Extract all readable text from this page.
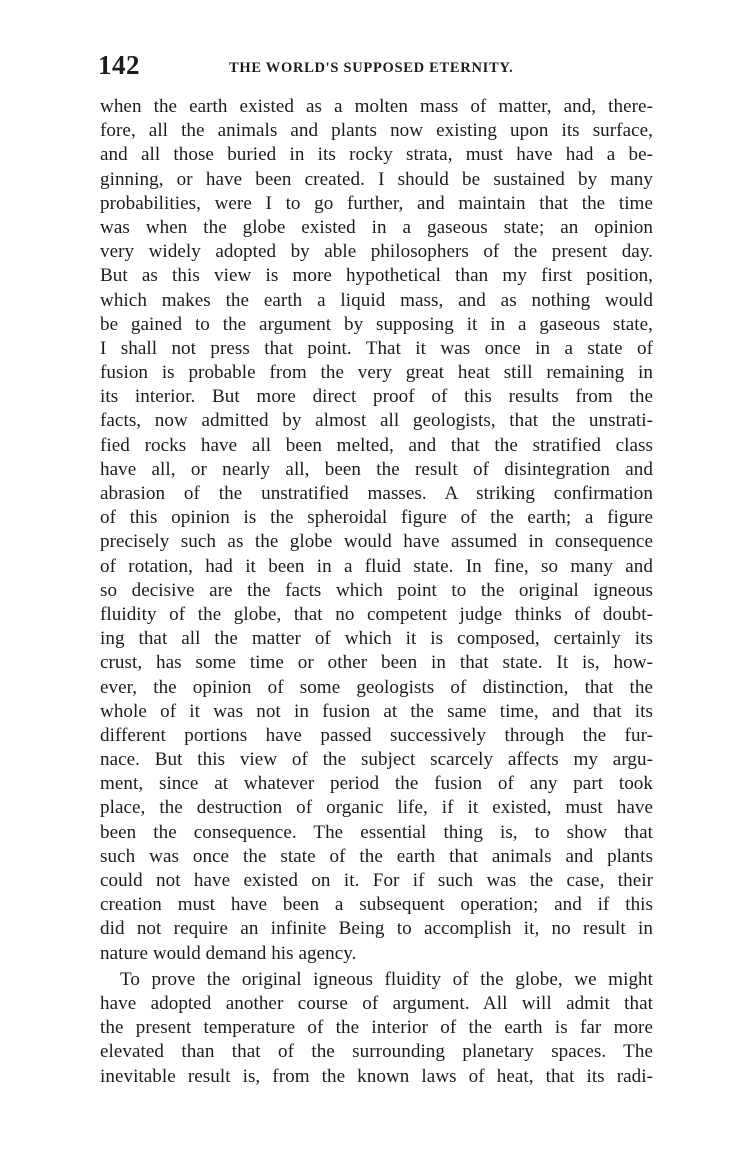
142	THE WORLD'S SUPPOSED ETERNITY.
when the earth existed as a molten mass of matter, and, there-
fore, all the animals and plants now existing upon its surface,
and all those buried in its rocky strata, must have had a be-
ginning, or have been created. I should be sustained by many
probabilities, were I to go further, and maintain that the time
was when the globe existed in a gaseous state; an opinion
very widely adopted by able philosophers of the present day.
But as this view is more hypothetical than my first position,
which makes the earth a liquid mass, and as nothing would
be gained to the argument by supposing it in a gaseous state,
I shall not press that point. That it was once in a state of
fusion is probable from the very great heat still remaining in
its interior. But more direct proof of this results from the
facts, now admitted by almost all geologists, that the unstrati-
fied rocks have all been melted, and that the stratified class
have all, or nearly all, been the result of disintegration and
abrasion of the unstratified masses. A striking confirmation
of this opinion is the spheroidal figure of the earth; a figure
precisely such as the globe would have assumed in consequence
of rotation, had it been in a fluid state. In fine, so many and
so decisive are the facts which point to the original igneous
fluidity of the globe, that no competent judge thinks of doubt-
ing that all the matter of which it is composed, certainly its
crust, has some time or other been in that state. It is, how-
ever, the opinion of some geologists of distinction, that the
whole of it was not in fusion at the same time, and that its
different portions have passed successively through the fur-
nace. But this view of the subject scarcely affects my argu-
ment, since at whatever period the fusion of any part took
place, the destruction of organic life, if it existed, must have
been the consequence. The essential thing is, to show that
such was once the state of the earth that animals and plants
could not have existed on it. For if such was the case, their
creation must have been a subsequent operation; and if this
did not require an infinite Being to accomplish it, no result in
nature would demand his agency.
To prove the original igneous fluidity of the globe, we might
have adopted another course of argument. All will admit that
the present temperature of the interior of the earth is far more
elevated than that of the surrounding planetary spaces. The
inevitable result is, from the known laws of heat, that its radi-
